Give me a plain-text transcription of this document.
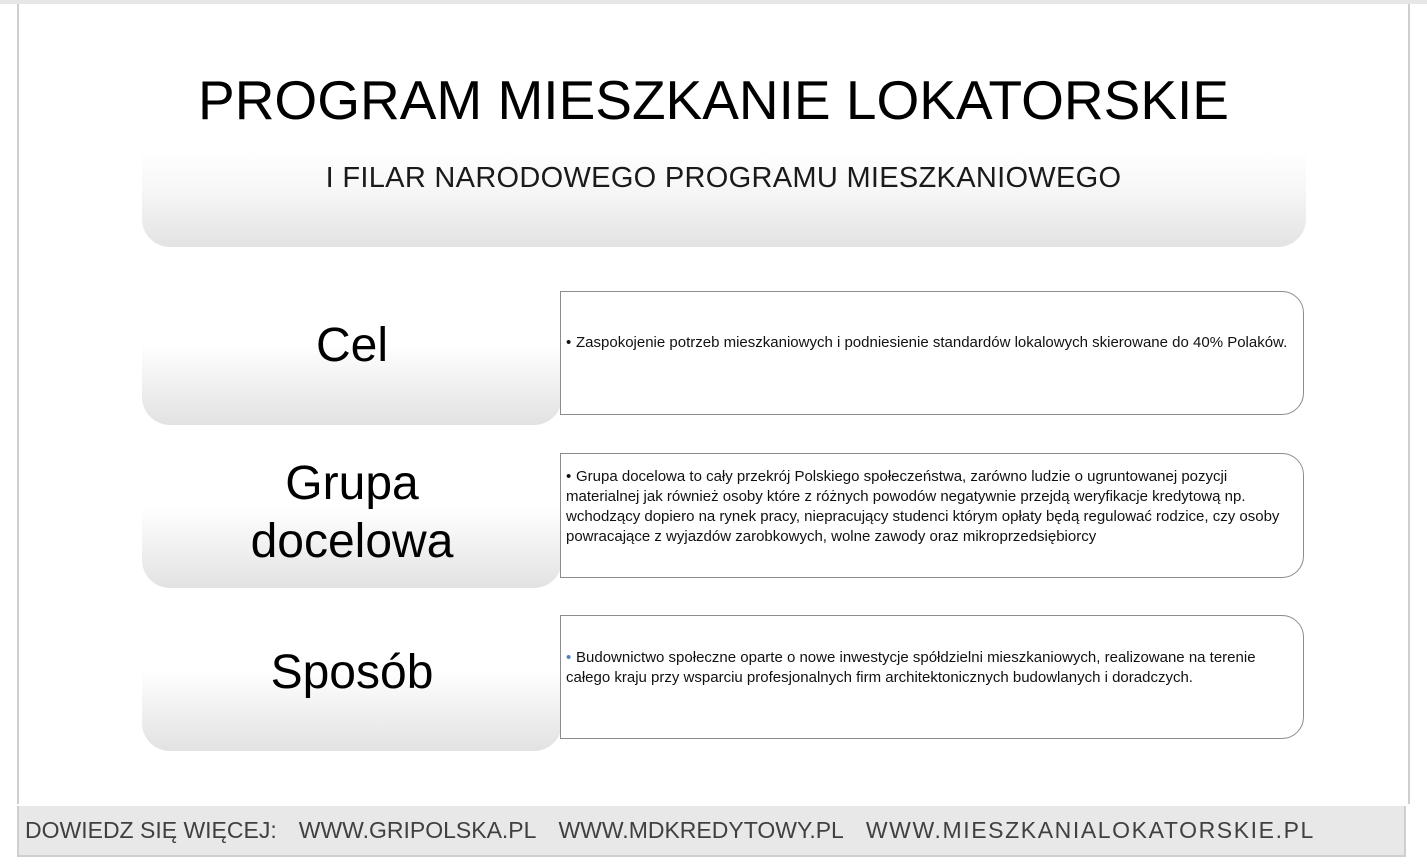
PROGRAM MIESZKANIE LOKATORSKIE
I FILAR NARODOWEGO PROGRAMU MIESZKANIOWEGO
Cel	• Zaspokojenie potrzeb mieszkaniowych i podniesienie standardów lokalowych skierowane do 40% Polaków.
Grupa
docelowa
• Grupa docelowa to cały przekrój Polskiego społeczeństwa, zarówno ludzie o ugruntowanej pozycji materialnej jak również osoby które z różnych powodów negatywnie przejdą weryfikacje kredytową np. wchodzący dopiero na rynek pracy, niepracujący studenci którym opłaty będą regulować rodzice, czy osoby powracające z wyjazdów zarobkowych, wolne zawody oraz mikroprzedsiębiorcy
Sposób	• Budownictwo społeczne oparte o nowe inwestycje spółdzielni mieszkaniowych, realizowane na terenie całego kraju przy wsparciu profesjonalnych firm architektonicznych budowlanych i doradczych.
DOWIEDZ SIĘ WIĘCEJ: WWW.GRIPOLSKA.PL WWW.MDKREDYTOWY.PL WWW.MIESZKANIALOKATORSKIE.PL
